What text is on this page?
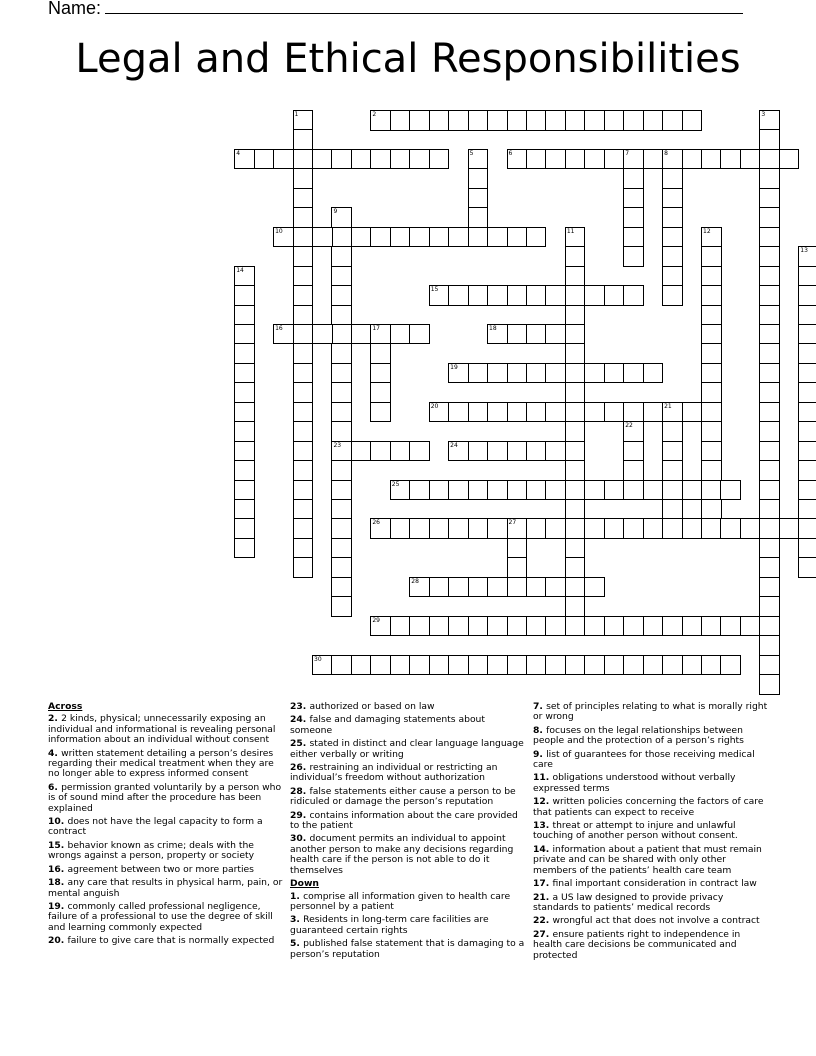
Name:
Legal and Ethical Responsibilities
1	2	3
4	5	6	7	8
9
23
10	11	12
13
14
15
16	17	18
19
20	21
22
24
25
26	27
28
29
30
Across
2. 2 kinds, physical; unnecessarily exposing an individual and informational is revealing personal information about an individual without consent
4. written statement detailing a person’s desires regarding their medical treatment when they are no longer able to express informed consent
6. permission granted voluntarily by a person who is of sound mind after the procedure has been explained
10. does not have the legal capacity to form a contract
15. behavior known as crime; deals with the wrongs against a person, property or society
16. agreement between two or more parties
18. any care that results in physical harm, pain, or mental anguish
19. commonly called professional negligence, failure of a professional to use the degree of skill and learning commonly expected
20. failure to give care that is normally expected
23. authorized or based on law
24. false and damaging statements about someone
25. stated in distinct and clear language language either verbally or writing
26. restraining an individual or restricting an individual’s freedom without authorization
28. false statements either cause a person to be ridiculed or damage the person’s reputation
29. contains information about the care provided to the patient
30. document permits an individual to appoint another person to make any decisions regarding health care if the person is not able to do it themselves
Down
1. comprise all information given to health care personnel by a patient
3. Residents in long-term care facilities are guaranteed certain rights
5. published false statement that is damaging to a person’s reputation
7. set of principles relating to what is morally right or wrong
8. focuses on the legal relationships between people and the protection of a person’s rights
9. list of guarantees for those receiving medical care
11. obligations understood without verbally expressed terms
12. written policies concerning the factors of care that patients can expect to receive
13. threat or attempt to injure and unlawful touching of another person without consent.
14. information about a patient that must remain private and can be shared with only other members of the patients’ health care team
17. final important consideration in contract law
21. a US law designed to provide privacy standards to patients’ medical records
22. wrongful act that does not involve a contract
27. ensure patients right to independence in health care decisions be communicated and protected
